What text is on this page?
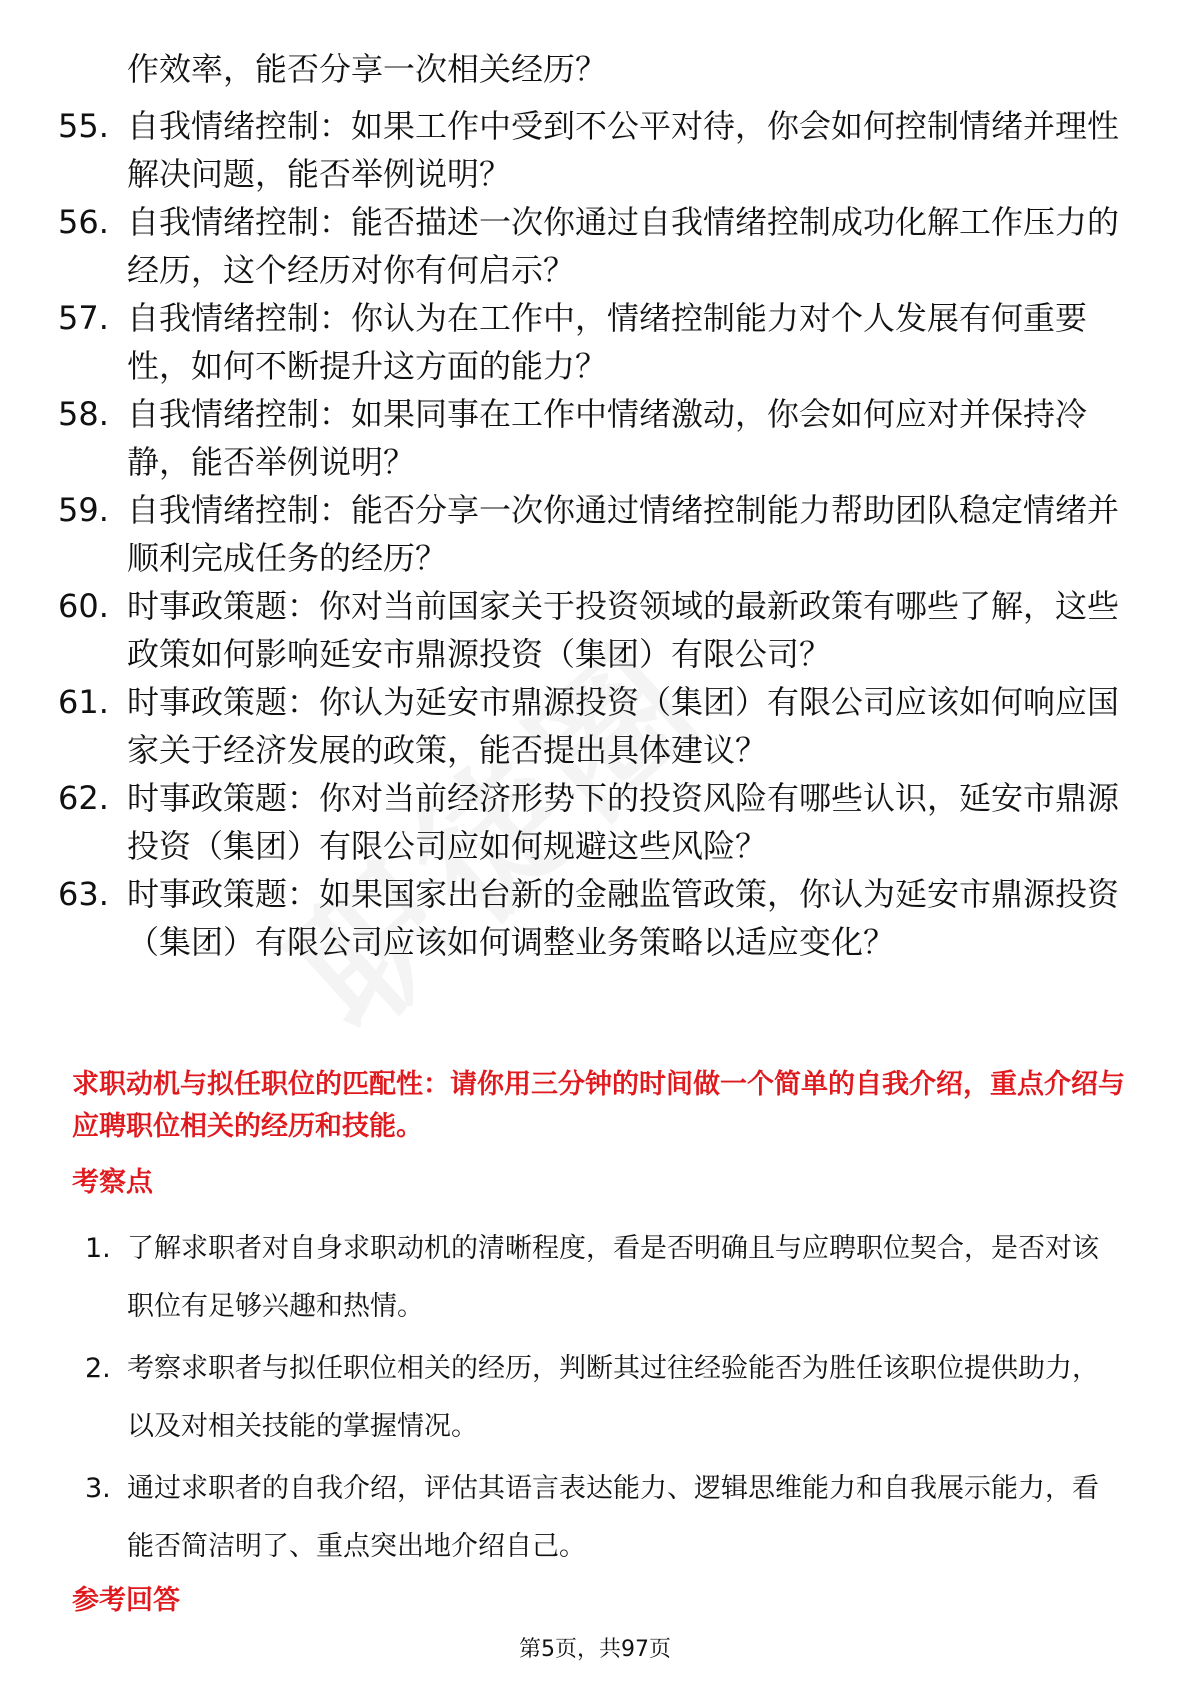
作效率，能否分享一次相关经历？
55. 自我情绪控制：如果工作中受到不公平对待，你会如何控制情绪并理性解决问题，能否举例说明？
56. 自我情绪控制：能否描述一次你通过自我情绪控制成功化解工作压力的经历，这个经历对你有何启示？
57. 自我情绪控制：你认为在工作中，情绪控制能力对个人发展有何重要性，如何不断提升这方面的能力？
58. 自我情绪控制：如果同事在工作中情绪激动，你会如何应对并保持冷静，能否举例说明？
59. 自我情绪控制：能否分享一次你通过情绪控制能力帮助团队稳定情绪并顺利完成任务的经历？
60. 时事政策题：你对当前国家关于投资领域的最新政策有哪些了解，这些政策如何影响延安市鼎源投资（集团）有限公司？
61. 时事政策题：你认为延安市鼎源投资（集团）有限公司应该如何响应国家关于经济发展的政策，能否提出具体建议？
62. 时事政策题：你对当前经济形势下的投资风险有哪些认识，延安市鼎源投资（集团）有限公司应如何规避这些风险？
63. 时事政策题：如果国家出台新的金融监管政策，你认为延安市鼎源投资（集团）有限公司应该如何调整业务策略以适应变化？
求职动机与拟任职位的匹配性：请你用三分钟的时间做一个简单的自我介绍，重点介绍与应聘职位相关的经历和技能。
考察点
1. 了解求职者对自身求职动机的清晰程度，看是否明确且与应聘职位契合，是否对该职位有足够兴趣和热情。
2. 考察求职者与拟任职位相关的经历，判断其过往经验能否为胜任该职位提供助力，以及对相关技能的掌握情况。
3. 通过求职者的自我介绍，评估其语言表达能力、逻辑思维能力和自我展示能力，看能否简洁明了、重点突出地介绍自己。
参考回答
第5页，共97页
